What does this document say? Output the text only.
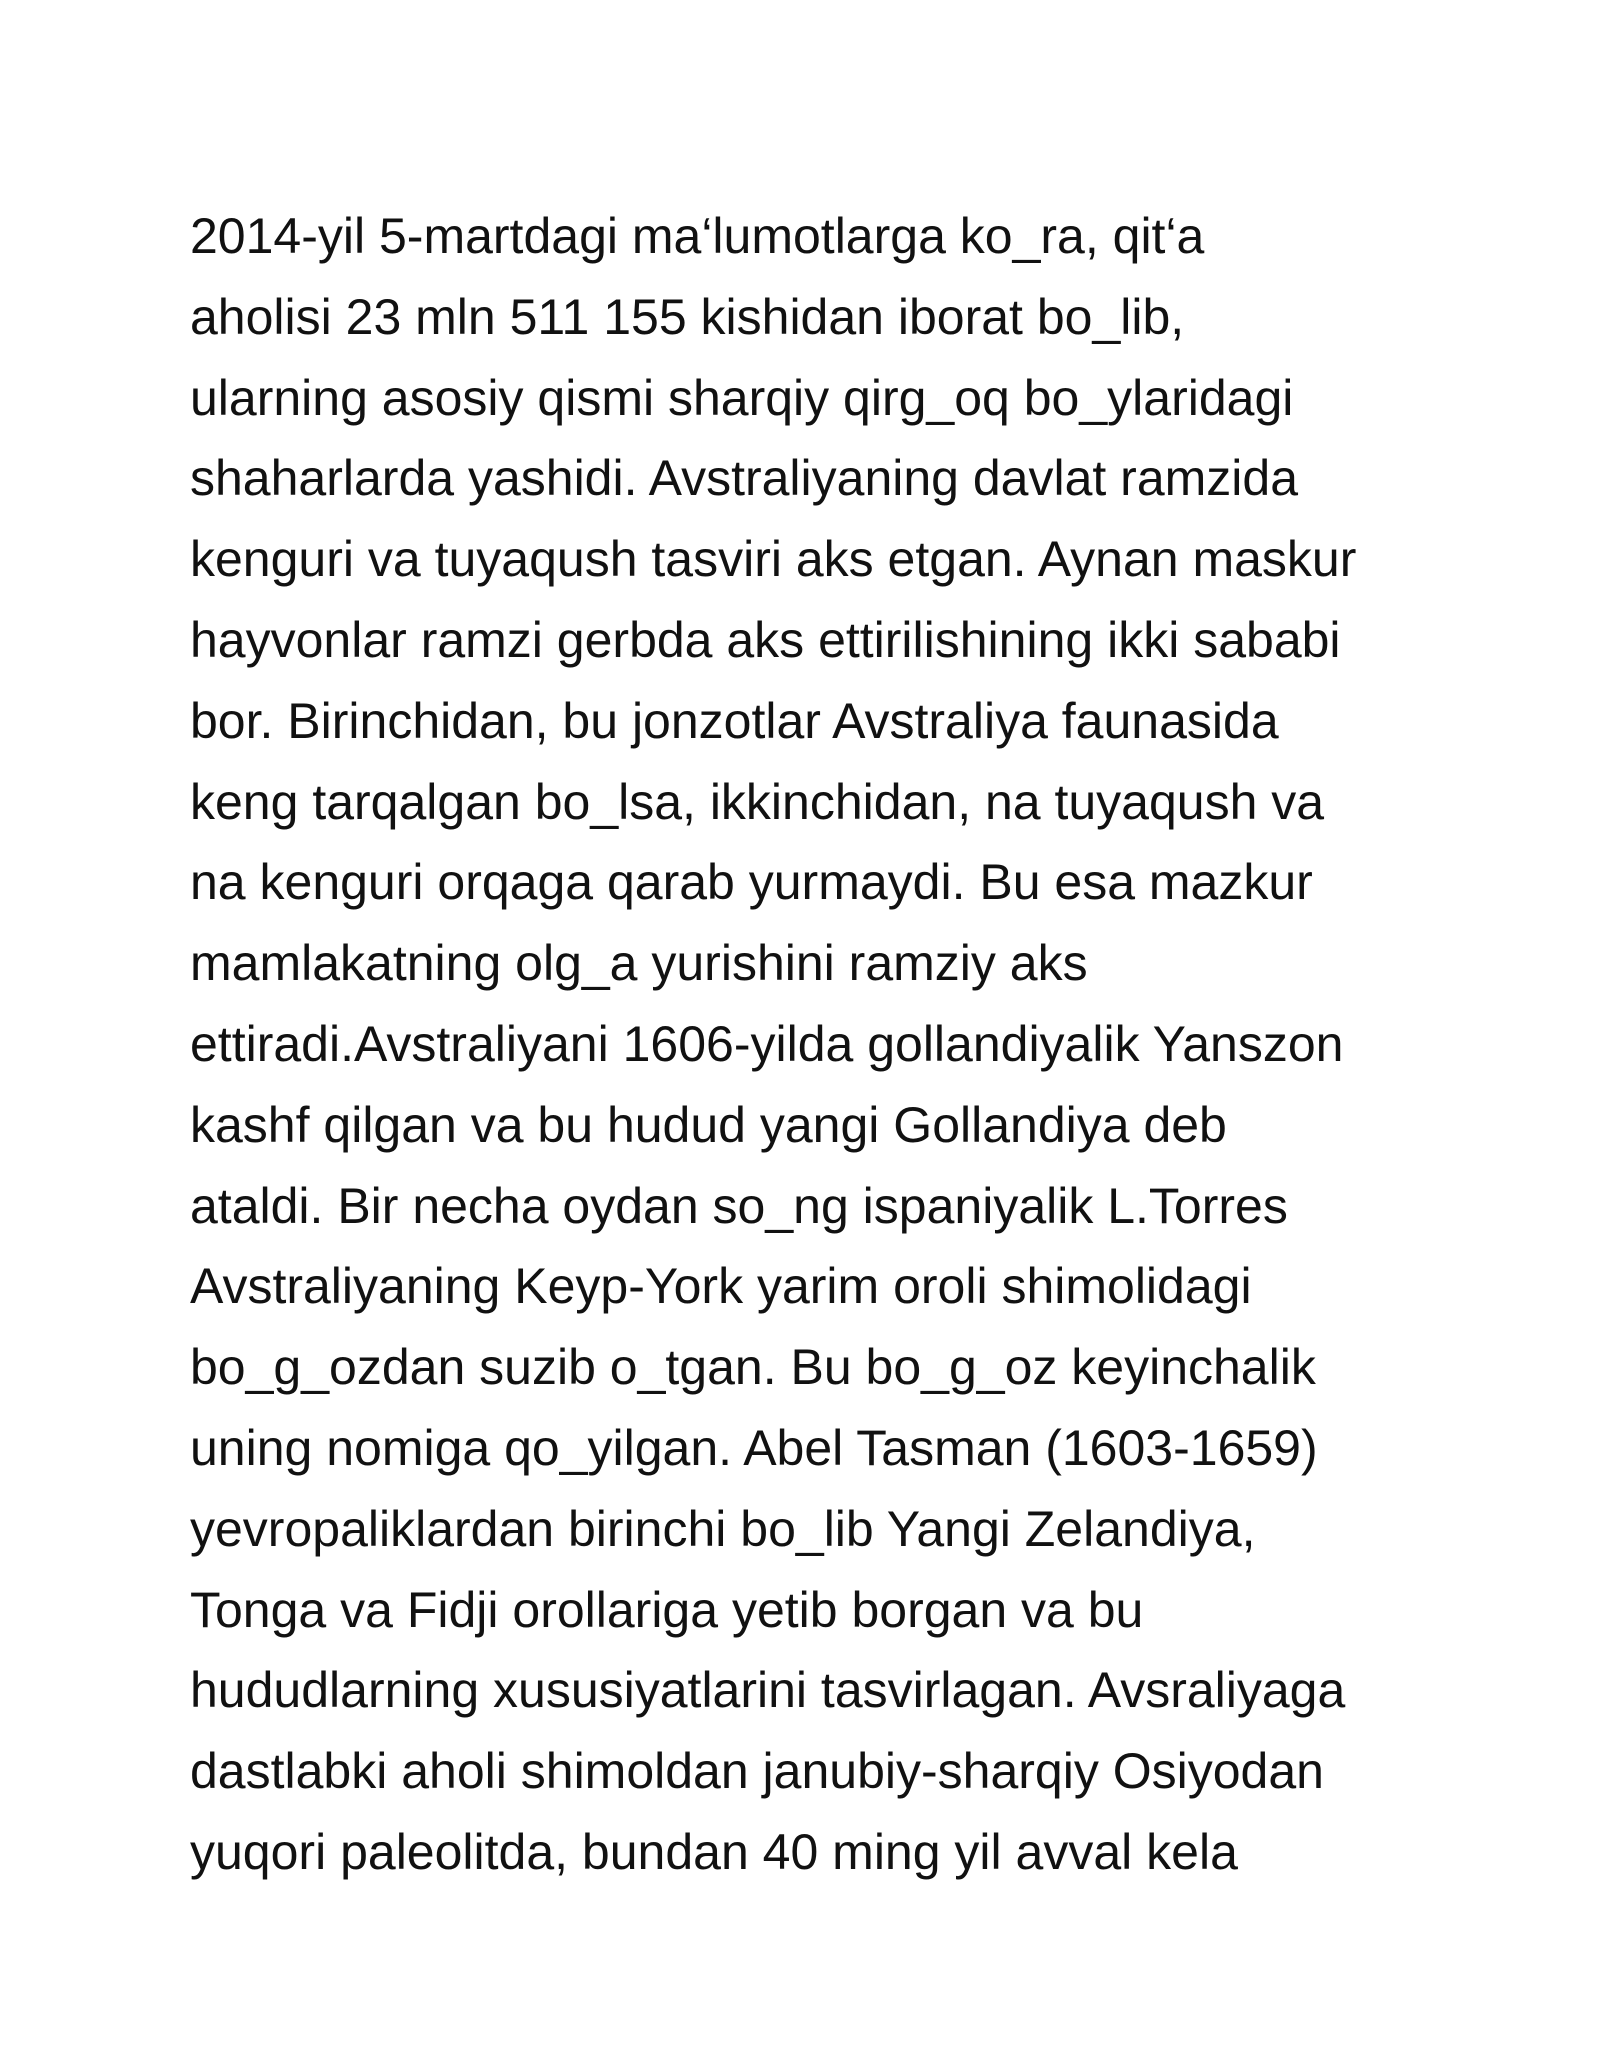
2014-yil 5-martdagi ma‘lumotlarga ko_ra, qit‘a
aholisi 23 mln 511 155 kishidan iborat bo_lib,
ularning asosiy qismi sharqiy qirg_oq bo_ylaridagi
shaharlarda yashidi. Avstraliyaning davlat ramzida
kenguri va tuyaqush tasviri aks etgan. Aynan maskur
hayvonlar ramzi gerbda aks ettirilishining ikki sababi
bor. Birinchidan, bu jonzotlar Avstraliya faunasida
keng tarqalgan bo_lsa, ikkinchidan, na tuyaqush va
na kenguri orqaga qarab yurmaydi. Bu esa mazkur
mamlakatning olg_a yurishini ramziy aks
ettiradi.Avstraliyani 1606-yilda gollandiyalik Yanszon
kashf qilgan va bu hudud yangi Gollandiya deb
ataldi. Bir necha oydan so_ng ispaniyalik L.Torres
Avstraliyaning Keyp-York yarim oroli shimolidagi
bo_g_ozdan suzib o_tgan. Bu bo_g_oz keyinchalik
uning nomiga qo_yilgan. Abel Tasman (1603-1659)
yevropaliklardan birinchi bo_lib Yangi Zelandiya,
Tonga va Fidji orollariga yetib borgan va bu
hududlarning xususiyatlarini tasvirlagan. Avsraliyaga
dastlabki aholi shimoldan janubiy-sharqiy Osiyodan
yuqori paleolitda, bundan 40 ming yil avval kela
